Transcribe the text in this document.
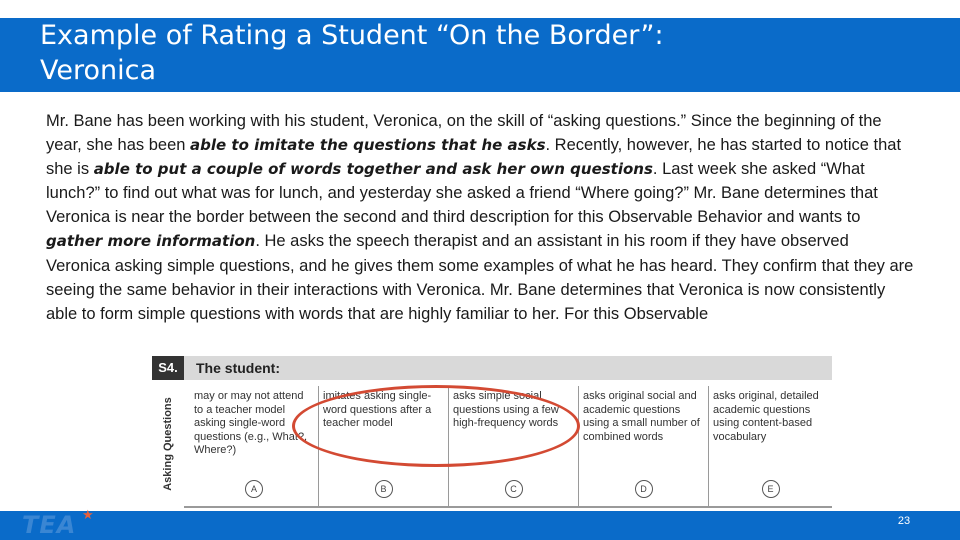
Example of Rating a Student “On the Border”:
Veronica

Mr. Bane has been working with his student, Veronica, on the skill of “asking questions.” Since the beginning of the year, she has been able to imitate the questions that he asks. Recently, however, he has started to notice that she is able to put a couple of words together and ask her own questions. Last week she asked “What lunch?” to find out what was for lunch, and yesterday she asked a friend “Where going?” Mr. Bane determines that Veronica is near the border between the second and third description for this Observable Behavior and wants to gather more information. He asks the speech therapist and an assistant in his room if they have observed Veronica asking simple questions, and he gives them some examples of what he has heard. They confirm that they are seeing the same behavior in their interactions with Veronica. Mr. Bane determines that Veronica is now consistently able to form simple questions with words that are highly familiar to her. For this Observable

S4.	The student:
Asking Questions
may or may not attend to a teacher model asking single-word questions (e.g., What?, Where?)
A
imitates asking single-word questions after a teacher model
B
asks simple social questions using a few high-frequency words
C
asks original social and academic questions using a small number of combined words
D
asks original, detailed academic questions using content-based vocabulary
E
TEA ★	23
